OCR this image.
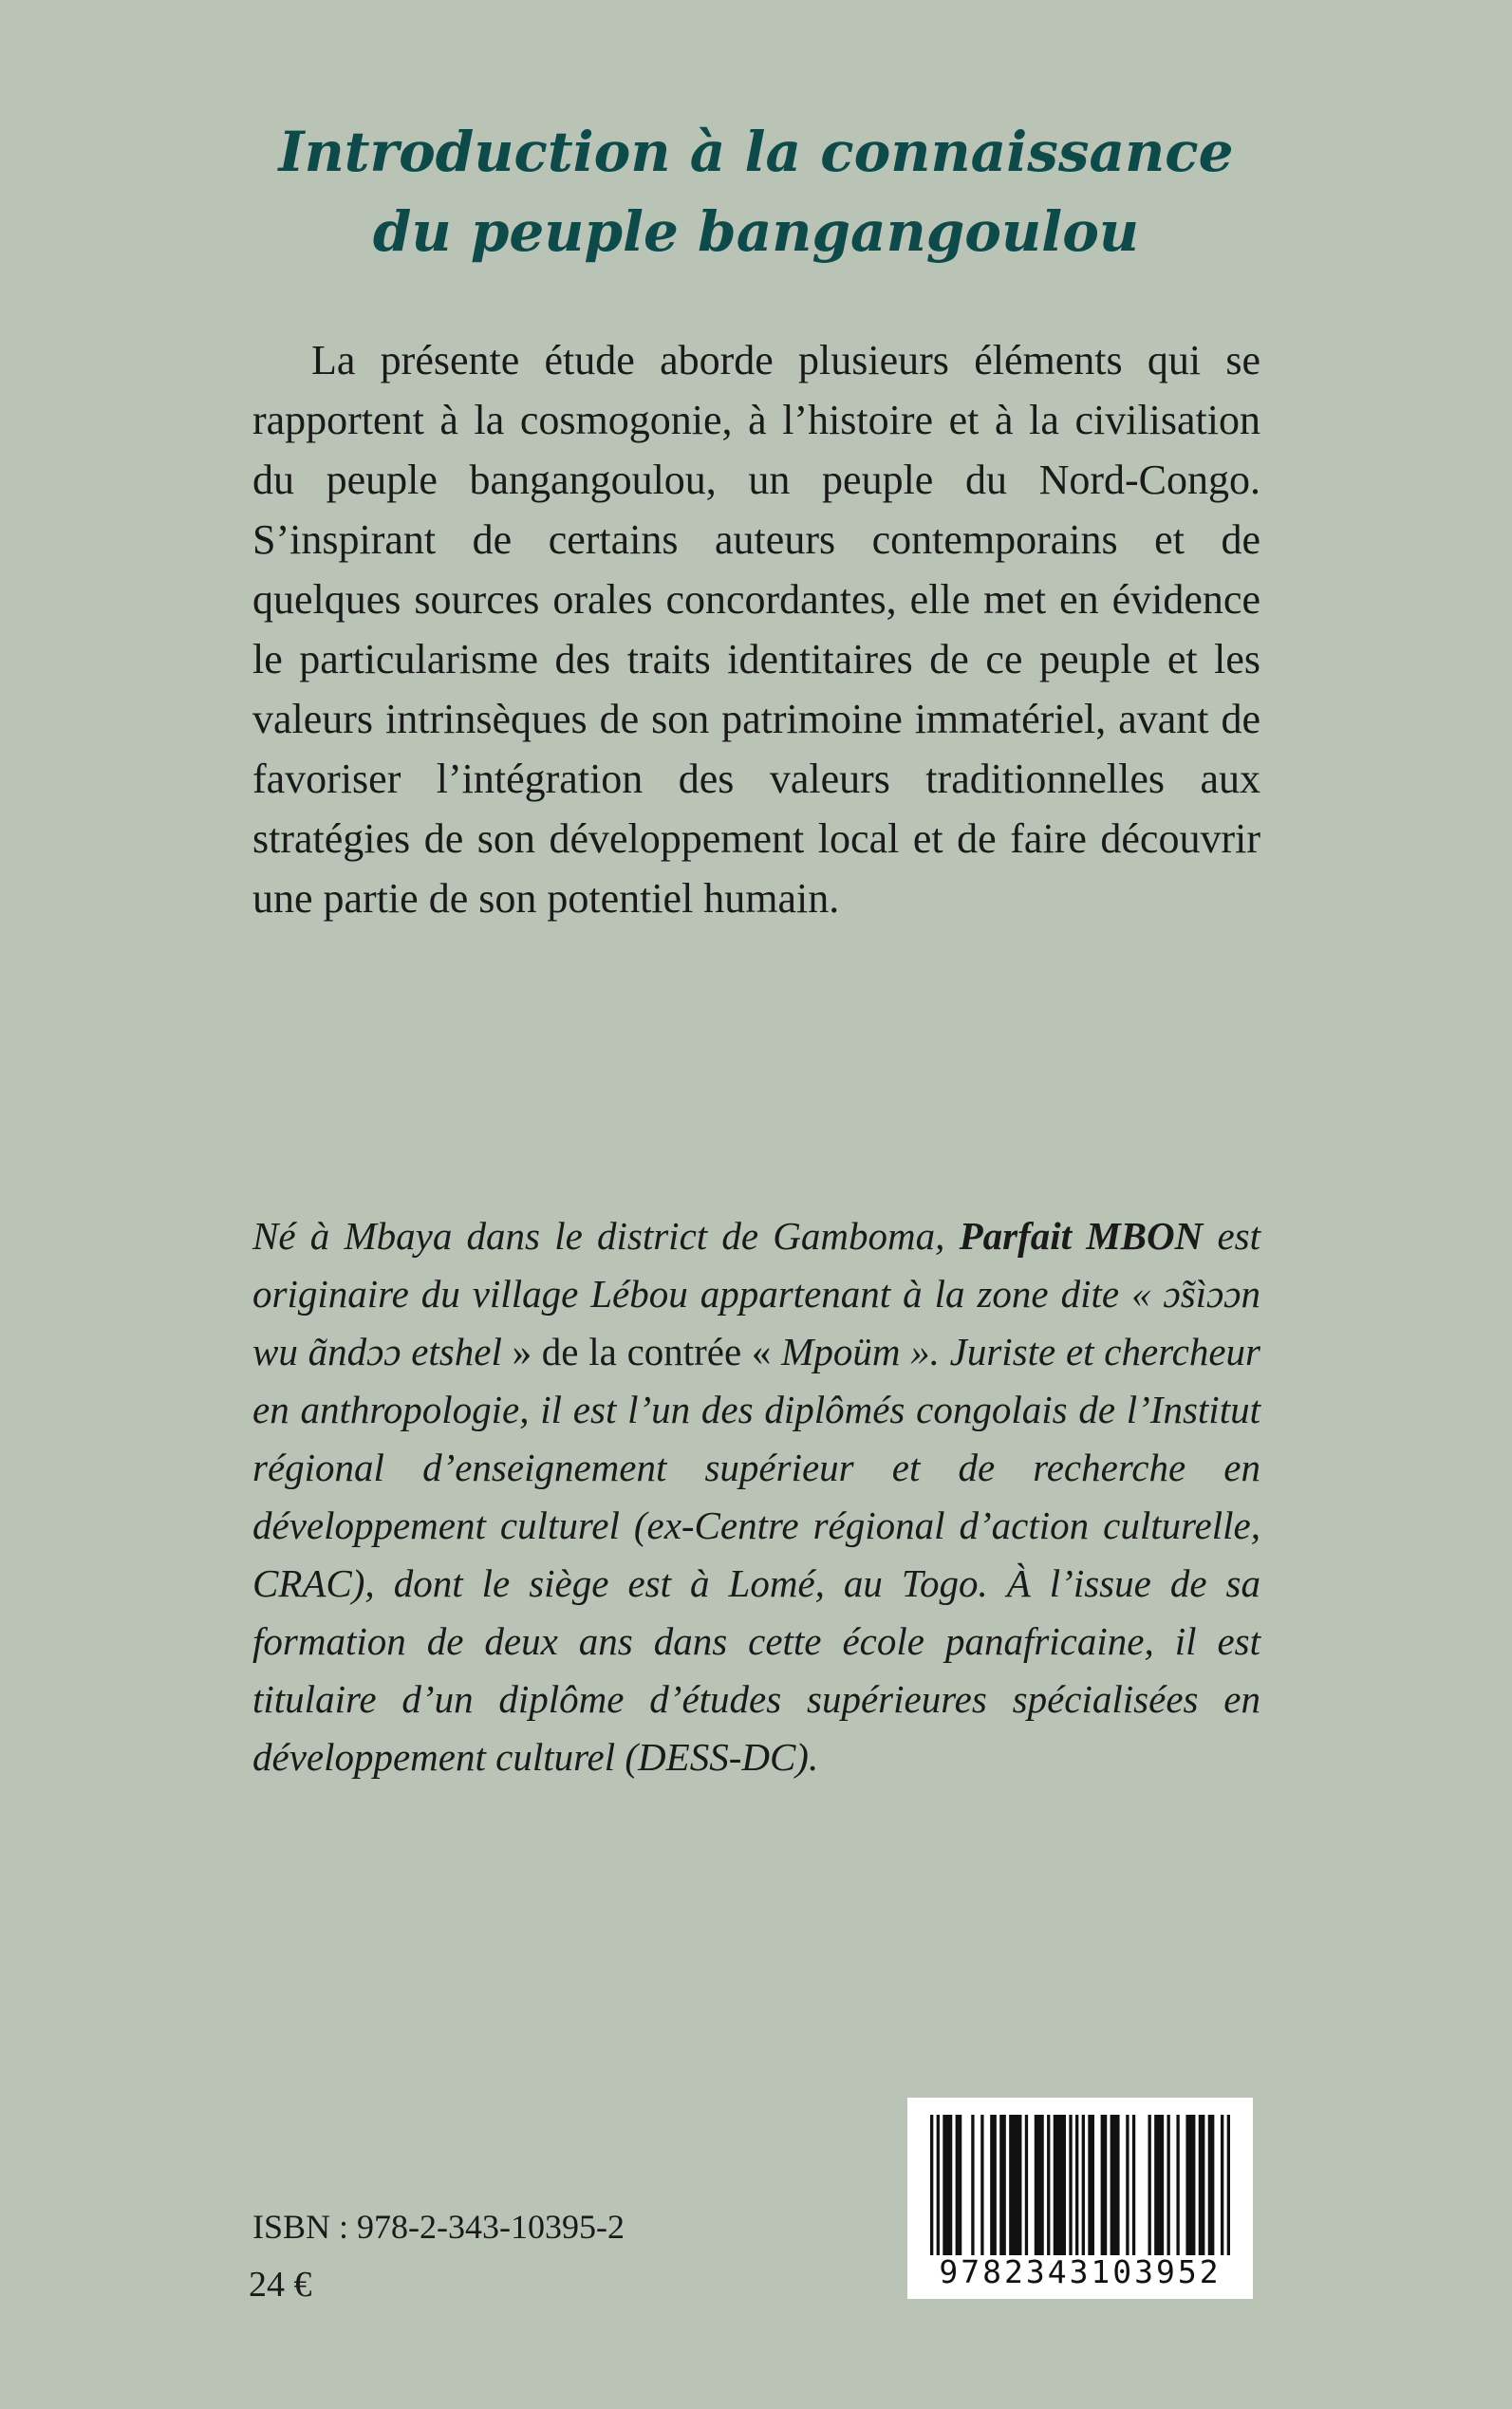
Introduction à la connaissance
du peuple bangangoulou

La présente étude aborde plusieurs éléments qui se rapportent à la cosmogonie, à l’histoire et à la civilisation du peuple bangangoulou, un peuple du Nord-Congo. S’inspirant de certains auteurs contemporains et de quelques sources orales concordantes, elle met en évidence le particularisme des traits identitaires de ce peuple et les valeurs intrinsèques de son patrimoine immatériel, avant de favoriser l’intégration des valeurs traditionnelles aux stratégies de son développement local et de faire découvrir une partie de son potentiel humain.

Né à Mbaya dans le district de Gamboma, Parfait MBON est originaire du village Lébou appartenant à la zone dite « ɔ̃sìɔɔn wu ãndɔɔ etshel » de la contrée « Mpoüm ». Juriste et chercheur en anthropologie, il est l’un des diplômés congolais de l’Institut régional d’enseignement supérieur et de recherche en développement culturel (ex-Centre régional d’action culturelle, CRAC), dont le siège est à Lomé, au Togo. À l’issue de sa formation de deux ans dans cette école panafricaine, il est titulaire d’un diplôme d’études supérieures spécialisées en développement culturel (DESS-DC).

ISBN : 978-2-343-10395-2
24 €	9782343103952
